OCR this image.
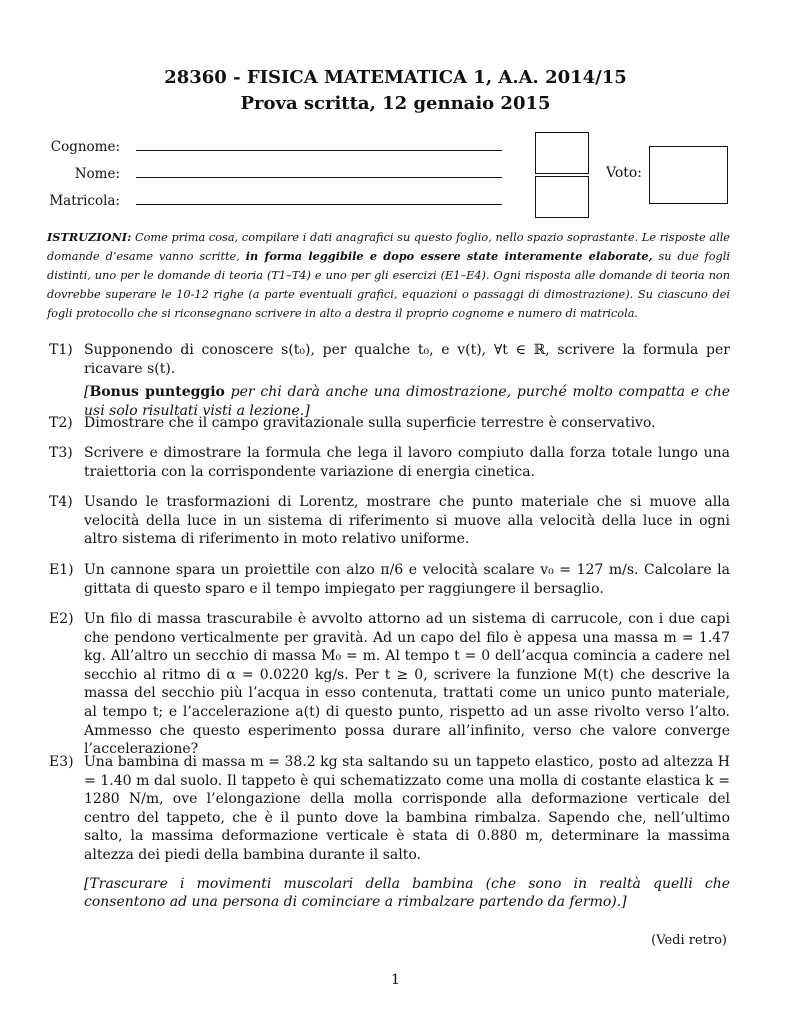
28360 - FISICA MATEMATICA 1, A.A. 2014/15
Prova scritta, 12 gennaio 2015
Cognome:
Nome:
Matricola:
Voto:
ISTRUZIONI: Come prima cosa, compilare i dati anagrafici su questo foglio, nello spazio soprastante. Le risposte alle domande d’esame vanno scritte, in forma leggibile e dopo essere state interamente elaborate, su due fogli distinti, uno per le domande di teoria (T1–T4) e uno per gli esercizi (E1–E4). Ogni risposta alle domande di teoria non dovrebbe superare le 10-12 righe (a parte eventuali grafici, equazioni o passaggi di dimostrazione). Su ciascuno dei fogli protocollo che si riconsegnano scrivere in alto a destra il proprio cognome e numero di matricola.
T1) Supponendo di conoscere s(t₀), per qualche t₀, e v(t), ∀t ∈ ℝ, scrivere la formula per ricavare s(t).
[Bonus punteggio per chi darà anche una dimostrazione, purché molto compatta e che usi solo risultati visti a lezione.]
T2) Dimostrare che il campo gravitazionale sulla superficie terrestre è conservativo.
T3) Scrivere e dimostrare la formula che lega il lavoro compiuto dalla forza totale lungo una traiettoria con la corrispondente variazione di energia cinetica.
T4) Usando le trasformazioni di Lorentz, mostrare che punto materiale che si muove alla velocità della luce in un sistema di riferimento si muove alla velocità della luce in ogni altro sistema di riferimento in moto relativo uniforme.
E1) Un cannone spara un proiettile con alzo π/6 e velocità scalare v₀ = 127 m/s. Calcolare la gittata di questo sparo e il tempo impiegato per raggiungere il bersaglio.
E2) Un filo di massa trascurabile è avvolto attorno ad un sistema di carrucole, con i due capi che pendono verticalmente per gravità. Ad un capo del filo è appesa una massa m = 1.47 kg. All’altro un secchio di massa M₀ = m. Al tempo t = 0 dell’acqua comincia a cadere nel secchio al ritmo di α = 0.0220 kg/s. Per t ≥ 0, scrivere la funzione M(t) che descrive la massa del secchio più l’acqua in esso contenuta, trattati come un unico punto materiale, al tempo t; e l’accelerazione a(t) di questo punto, rispetto ad un asse rivolto verso l’alto. Ammesso che questo esperimento possa durare all’infinito, verso che valore converge l’accelerazione?
E3) Una bambina di massa m = 38.2 kg sta saltando su un tappeto elastico, posto ad altezza H = 1.40 m dal suolo. Il tappeto è qui schematizzato come una molla di costante elastica k = 1280 N/m, ove l’elongazione della molla corrisponde alla deformazione verticale del centro del tappeto, che è il punto dove la bambina rimbalza. Sapendo che, nell’ultimo salto, la massima deformazione verticale è stata di 0.880 m, determinare la massima altezza dei piedi della bambina durante il salto.
[Trascurare i movimenti muscolari della bambina (che sono in realtà quelli che consentono ad una persona di cominciare a rimbalzare partendo da fermo).]
(Vedi retro)
1
